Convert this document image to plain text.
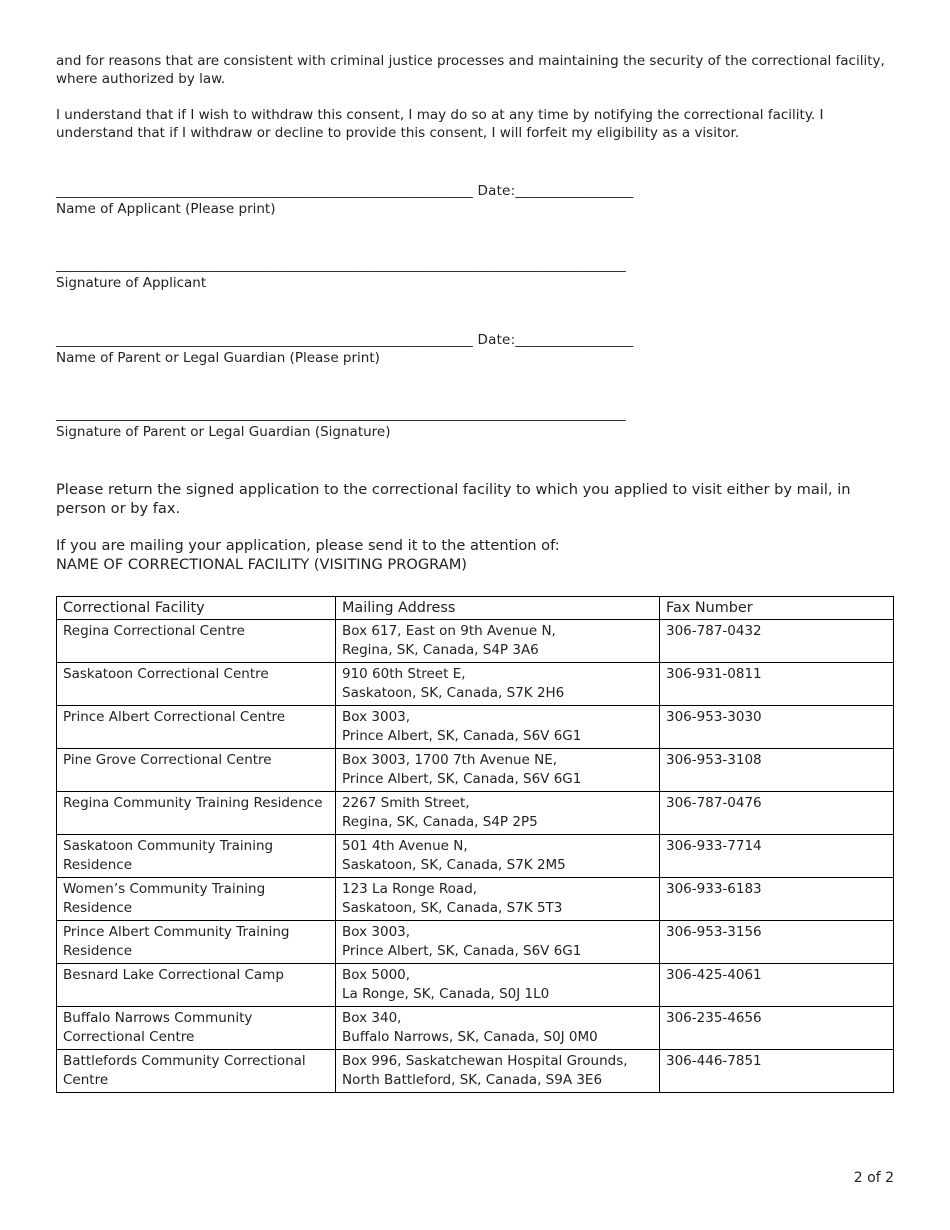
and for reasons that are consistent with criminal justice processes and maintaining the security of the correctional facility, where authorized by law.

I understand that if I wish to withdraw this consent, I may do so at any time by notifying the correctional facility. I understand that if I withdraw or decline to provide this consent, I will forfeit my eligibility as a visitor.

____________________________________________________________ Date:_________________
Name of Applicant (Please print)
__________________________________________________________________________________
Signature of Applicant
____________________________________________________________ Date:_________________
Name of Parent or Legal Guardian (Please print)
__________________________________________________________________________________
Signature of Parent or Legal Guardian (Signature)

Please return the signed application to the correctional facility to which you applied to visit either by mail, in person or by fax.

If you are mailing your application, please send it to the attention of:

NAME OF CORRECTIONAL FACILITY (VISITING PROGRAM)

Correctional Facility	Mailing Address	Fax Number
Regina Correctional Centre	Box 617, East on 9th Avenue N,
Regina, SK, Canada, S4P 3A6	306-787-0432
Saskatoon Correctional Centre	910 60th Street E,
Saskatoon, SK, Canada, S7K 2H6	306-931-0811
Prince Albert Correctional Centre	Box 3003,
Prince Albert, SK, Canada, S6V 6G1	306-953-3030
Pine Grove Correctional Centre	Box 3003, 1700 7th Avenue NE,
Prince Albert, SK, Canada, S6V 6G1	306-953-3108
Regina Community Training Residence	2267 Smith Street,
Regina, SK, Canada, S4P 2P5	306-787-0476
Saskatoon Community Training Residence	501 4th Avenue N,
Saskatoon, SK, Canada, S7K 2M5	306-933-7714
Women’s Community Training Residence	123 La Ronge Road,
Saskatoon, SK, Canada, S7K 5T3	306-933-6183
Prince Albert Community Training Residence	Box 3003,
Prince Albert, SK, Canada, S6V 6G1	306-953-3156
Besnard Lake Correctional Camp	Box 5000,
La Ronge, SK, Canada, S0J 1L0	306-425-4061
Buffalo Narrows Community Correctional Centre	Box 340,
Buffalo Narrows, SK, Canada, S0J 0M0	306-235-4656
Battlefords Community Correctional Centre	Box 996, Saskatchewan Hospital Grounds,
North Battleford, SK, Canada, S9A 3E6	306-446-7851
2 of 2
